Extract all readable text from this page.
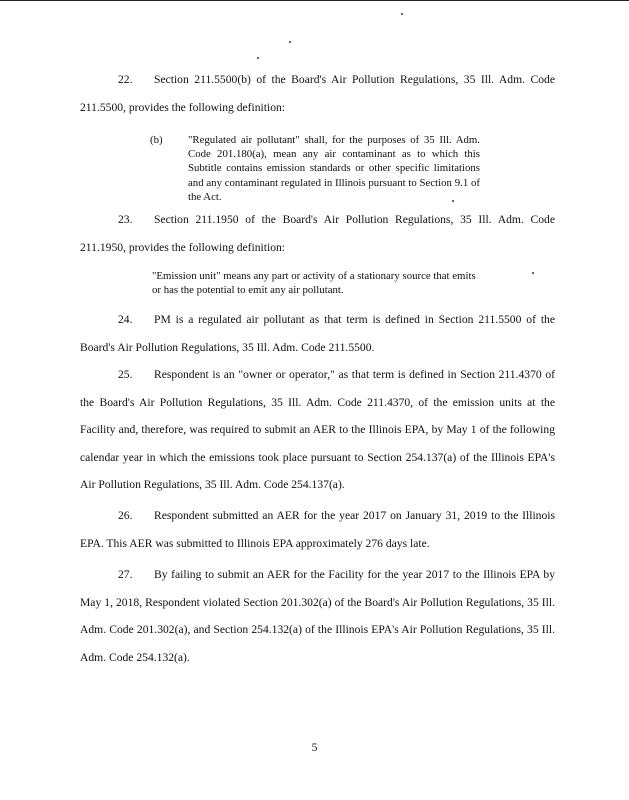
22. Section 211.5500(b) of the Board's Air Pollution Regulations, 35 Ill. Adm. Code 211.5500, provides the following definition:

(b)	"Regulated air pollutant" shall, for the purposes of 35 Ill. Adm. Code 201.180(a), mean any air contaminant as to which this Subtitle contains emission standards or other specific limitations and any contaminant regulated in Illinois pursuant to Section 9.1 of the Act.

23. Section 211.1950 of the Board's Air Pollution Regulations, 35 Ill. Adm. Code 211.1950, provides the following definition:

"Emission unit" means any part or activity of a stationary source that emits or has the potential to emit any air pollutant.

24. PM is a regulated air pollutant as that term is defined in Section 211.5500 of the Board's Air Pollution Regulations, 35 Ill. Adm. Code 211.5500.

25. Respondent is an "owner or operator," as that term is defined in Section 211.4370 of the Board's Air Pollution Regulations, 35 Ill. Adm. Code 211.4370, of the emission units at the Facility and, therefore, was required to submit an AER to the Illinois EPA, by May 1 of the following calendar year in which the emissions took place pursuant to Section 254.137(a) of the Illinois EPA's Air Pollution Regulations, 35 Ill. Adm. Code 254.137(a).

26. Respondent submitted an AER for the year 2017 on January 31, 2019 to the Illinois EPA. This AER was submitted to Illinois EPA approximately 276 days late.

27. By failing to submit an AER for the Facility for the year 2017 to the Illinois EPA by May 1, 2018, Respondent violated Section 201.302(a) of the Board's Air Pollution Regulations, 35 Ill. Adm. Code 201.302(a), and Section 254.132(a) of the Illinois EPA's Air Pollution Regulations, 35 Ill. Adm. Code 254.132(a).

5
